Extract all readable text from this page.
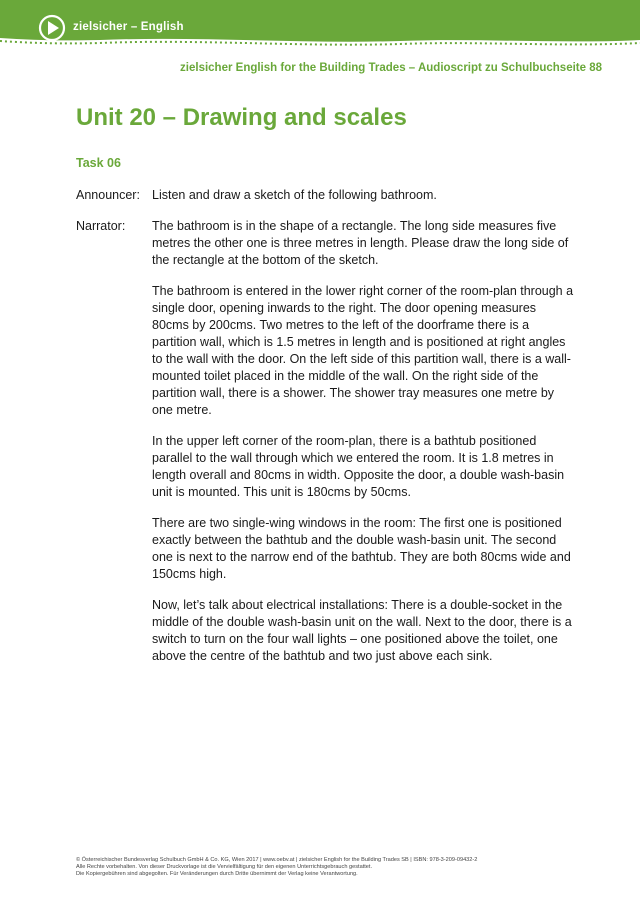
zielsicher – English
zielsicher English for the Building Trades – Audioscript zu Schulbuchseite 88
Unit 20 – Drawing and scales
Task 06
Announcer: Listen and draw a sketch of the following bathroom.

Narrator:	The bathroom is in the shape of a rectangle. The long side measures five metres the other one is three metres in length. Please draw the long side of the rectangle at the bottom of the sketch.

The bathroom is entered in the lower right corner of the room-plan through a single door, opening inwards to the right. The door opening measures 80cms by 200cms. Two metres to the left of the doorframe there is a partition wall, which is 1.5 metres in length and is positioned at right angles to the wall with the door. On the left side of this partition wall, there is a wall-mounted toilet placed in the middle of the wall. On the right side of the partition wall, there is a shower. The shower tray measures one metre by one metre.

In the upper left corner of the room-plan, there is a bathtub positioned parallel to the wall through which we entered the room. It is 1.8 metres in length overall and 80cms in width. Opposite the door, a double wash-basin unit is mounted. This unit is 180cms by 50cms.

There are two single-wing windows in the room: The first one is positioned exactly between the bathtub and the double wash-basin unit. The second one is next to the narrow end of the bathtub. They are both 80cms wide and 150cms high.

Now, let’s talk about electrical installations: There is a double-socket in the middle of the double wash-basin unit on the wall. Next to the door, there is a switch to turn on the four wall lights – one positioned above the toilet, one above the centre of the bathtub and two just above each sink.

© Österreichischer Bundesverlag Schulbuch GmbH & Co. KG, Wien 2017 | www.oebv.at | zielsicher English for the Building Trades SB | ISBN: 978-3-209-09432-2
Alle Rechte vorbehalten. Von dieser Druckvorlage ist die Vervielfältigung für den eigenen Unterrichtsgebrauch gestattet.
Die Kopiergebühren sind abgegolten. Für Veränderungen durch Dritte übernimmt der Verlag keine Verantwortung.
